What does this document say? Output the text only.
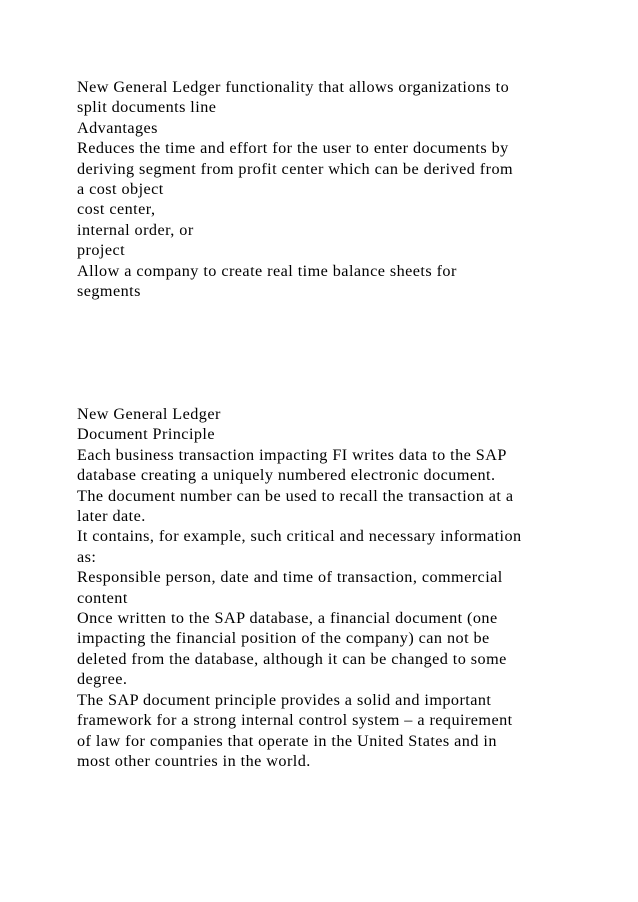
New General Ledger functionality that allows organizations to
split documents line
Advantages
Reduces the time and effort for the user to enter documents by
deriving segment from profit center which can be derived from
a cost object
cost center,
internal order, or
project
Allow a company to create real time balance sheets for
segments
New General Ledger
Document Principle
Each business transaction impacting FI writes data to the SAP
database creating a uniquely numbered electronic document.
The document number can be used to recall the transaction at a
later date.
It contains, for example, such critical and necessary information
as:
Responsible person, date and time of transaction, commercial
content
Once written to the SAP database, a financial document (one
impacting the financial position of the company) can not be
deleted from the database, although it can be changed to some
degree.
The SAP document principle provides a solid and important
framework for a strong internal control system – a requirement
of law for companies that operate in the United States and in
most other countries in the world.
